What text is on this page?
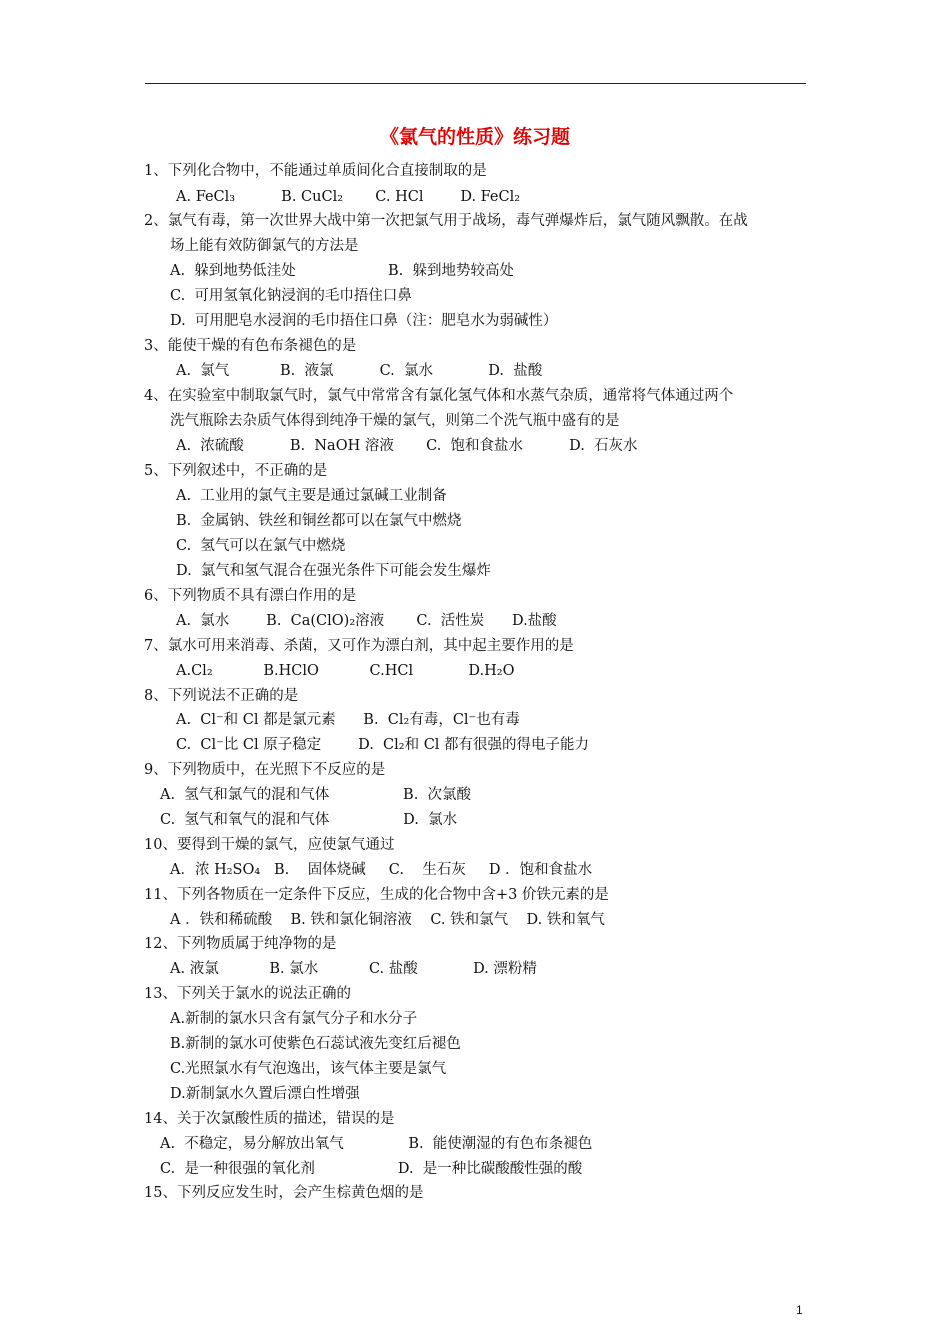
《氯气的性质》练习题
1、下列化合物中，不能通过单质间化合直接制取的是
A. FeCl₃          B. CuCl₂       C. HCl        D. FeCl₂
2、氯气有毒，第一次世界大战中第一次把氯气用于战场，毒气弹爆炸后，氯气随风飘散。在战
场上能有效防御氯气的方法是
A.  躲到地势低洼处                    B.  躲到地势较高处
C.  可用氢氧化钠浸润的毛巾捂住口鼻
D.  可用肥皂水浸润的毛巾捂住口鼻（注：肥皂水为弱碱性）
3、能使干燥的有色布条褪色的是
A.  氯气           B.  液氯          C.  氯水            D.  盐酸
4、在实验室中制取氯气时，氯气中常常含有氯化氢气体和水蒸气杂质，通常将气体通过两个
洗气瓶除去杂质气体得到纯净干燥的氯气，则第二个洗气瓶中盛有的是
A.  浓硫酸          B.  NaOH 溶液       C.  饱和食盐水          D.  石灰水
5、下列叙述中，不正确的是
A.  工业用的氯气主要是通过氯碱工业制备
B.  金属钠、铁丝和铜丝都可以在氯气中燃烧
C.  氢气可以在氯气中燃烧
D.  氯气和氢气混合在强光条件下可能会发生爆炸
6、下列物质不具有漂白作用的是
A.  氯水        B.  Ca(ClO)₂溶液       C.  活性炭      D.盐酸
7、氯水可用来消毒、杀菌，又可作为漂白剂，其中起主要作用的是
A.Cl₂           B.HClO           C.HCl            D.H₂O
8、下列说法不正确的是
A.  Cl⁻和 Cl 都是氯元素      B.  Cl₂有毒，Cl⁻也有毒
C.  Cl⁻比 Cl 原子稳定        D.  Cl₂和 Cl 都有很强的得电子能力
9、下列物质中，在光照下不反应的是
A.  氢气和氯气的混和气体                B.  次氯酸
C.  氢气和氧气的混和气体                D.  氯水
10、要得到干燥的氯气，应使氯气通过
A．浓 H₂SO₄   B.    固体烧碱     C.    生石灰     D ．饱和食盐水
11、下列各物质在一定条件下反应，生成的化合物中含+3 价铁元素的是
A ．铁和稀硫酸    B. 铁和氯化铜溶液    C. 铁和氯气    D. 铁和氧气
12、下列物质属于纯净物的是
A. 液氯           B. 氯水           C. 盐酸            D. 漂粉精
13、下列关于氯水的说法正确的
A.新制的氯水只含有氯气分子和水分子
B.新制的氯水可使紫色石蕊试液先变红后褪色
C.光照氯水有气泡逸出，该气体主要是氯气
D.新制氯水久置后漂白性增强
14、关于次氯酸性质的描述，错误的是
A.  不稳定，易分解放出氧气              B.  能使潮湿的有色布条褪色
C.  是一种很强的氧化剂                  D.  是一种比碳酸酸性强的酸
15、下列反应发生时，会产生棕黄色烟的是
1
